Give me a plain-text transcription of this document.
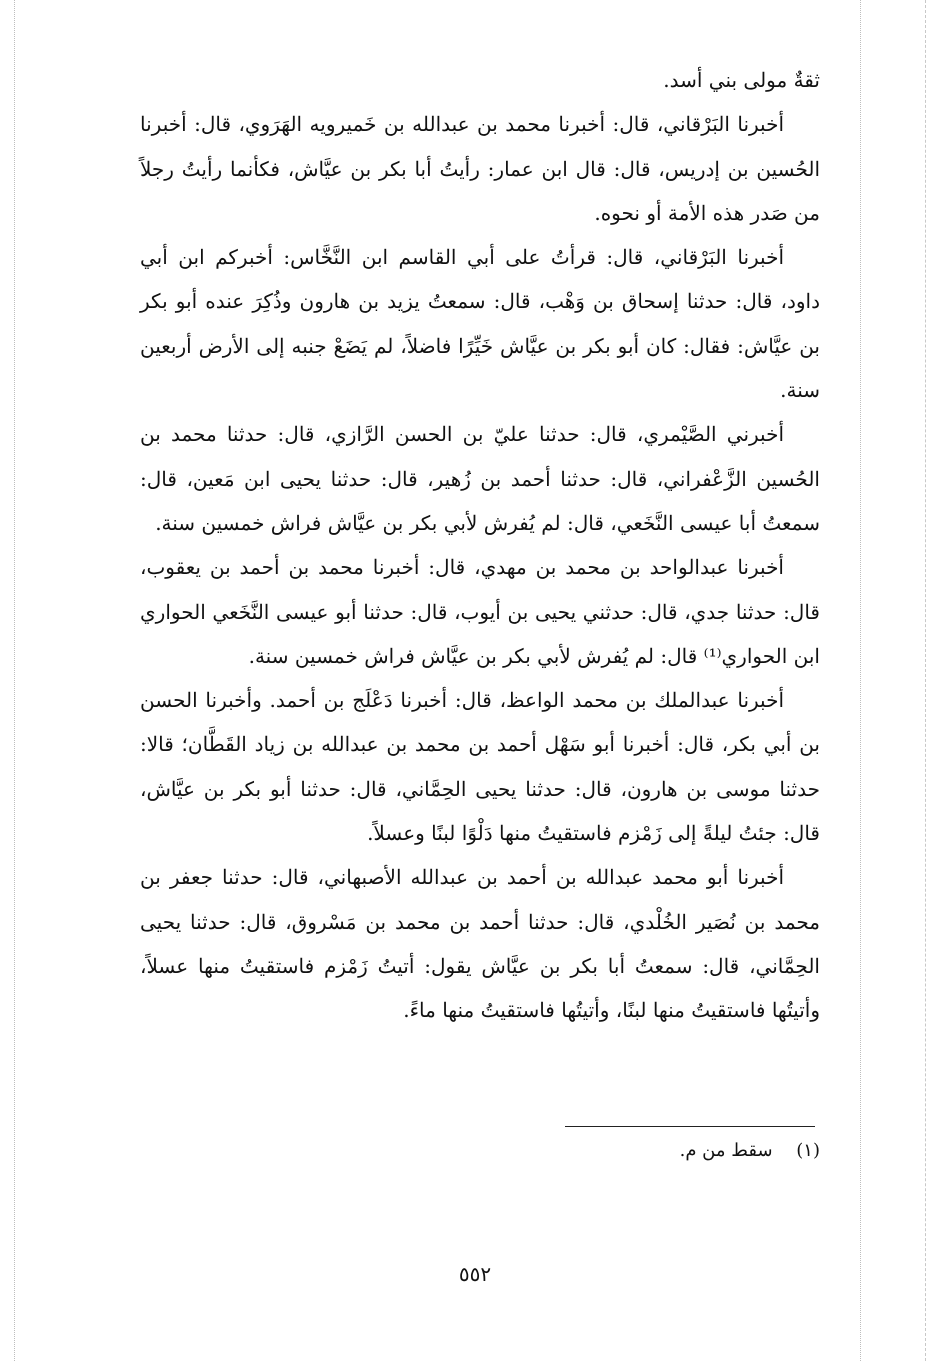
ثقةٌ مولى بني أسد.

أخبرنا البَرْقاني، قال: أخبرنا محمد بن عبدالله بن خَميرويه الهَرَوي، قال: أخبرنا الحُسين بن إدريس، قال: قال ابن عمار: رأيتُ أبا بكر بن عيَّاش، فكأنما رأيتُ رجلاً من صَدر هذه الأمة أو نحوه.

أخبرنا البَرْقاني، قال: قرأتُ على أبي القاسم ابن النَّخَّاس: أخبركم ابن أبي داود، قال: حدثنا إسحاق بن وَهْب، قال: سمعتُ يزيد بن هارون وذُكِرَ عنده أبو بكر بن عيَّاش: فقال: كان أبو بكر بن عيَّاش خَيِّرًا فاضلاً، لم يَضَعْ جنبه إلى الأرض أربعين سنة.

أخبرني الصَّيْمري، قال: حدثنا عليّ بن الحسن الرَّازي، قال: حدثنا محمد بن الحُسين الزَّعْفراني، قال: حدثنا أحمد بن زُهير، قال: حدثنا يحيى ابن مَعين، قال: سمعتُ أبا عيسى النَّخَعي، قال: لم يُفرش لأبي بكر بن عيَّاش فراش خمسين سنة.

أخبرنا عبدالواحد بن محمد بن مهدي، قال: أخبرنا محمد بن أحمد بن يعقوب، قال: حدثنا جدي، قال: حدثني يحيى بن أيوب، قال: حدثنا أبو عيسى النَّخَعي الحواري ابن الحواري⁽¹⁾ قال: لم يُفرش لأبي بكر بن عيَّاش فراش خمسين سنة.

أخبرنا عبدالملك بن محمد الواعظ، قال: أخبرنا دَعْلَج بن أحمد. وأخبرنا الحسن بن أبي بكر، قال: أخبرنا أبو سَهْل أحمد بن محمد بن عبدالله بن زياد القَطَّان؛ قالا: حدثنا موسى بن هارون، قال: حدثنا يحيى الحِمَّاني، قال: حدثنا أبو بكر بن عيَّاش، قال: جئتُ ليلةً إلى زَمْزم فاستقيتُ منها دَلْوًا لبنًا وعسلاً.

أخبرنا أبو محمد عبدالله بن أحمد بن عبدالله الأصبهاني، قال: حدثنا جعفر بن محمد بن نُصَير الخُلْدي، قال: حدثنا أحمد بن محمد بن مَسْروق، قال: حدثنا يحيى الحِمَّاني، قال: سمعتُ أبا بكر بن عيَّاش يقول: أتيتُ زَمْزم فاستقيتُ منها عسلاً، وأتيتُها فاستقيتُ منها لبنًا، وأتيتُها فاستقيتُ منها ماءً.

(١) سقط من م.
٥٥٢
